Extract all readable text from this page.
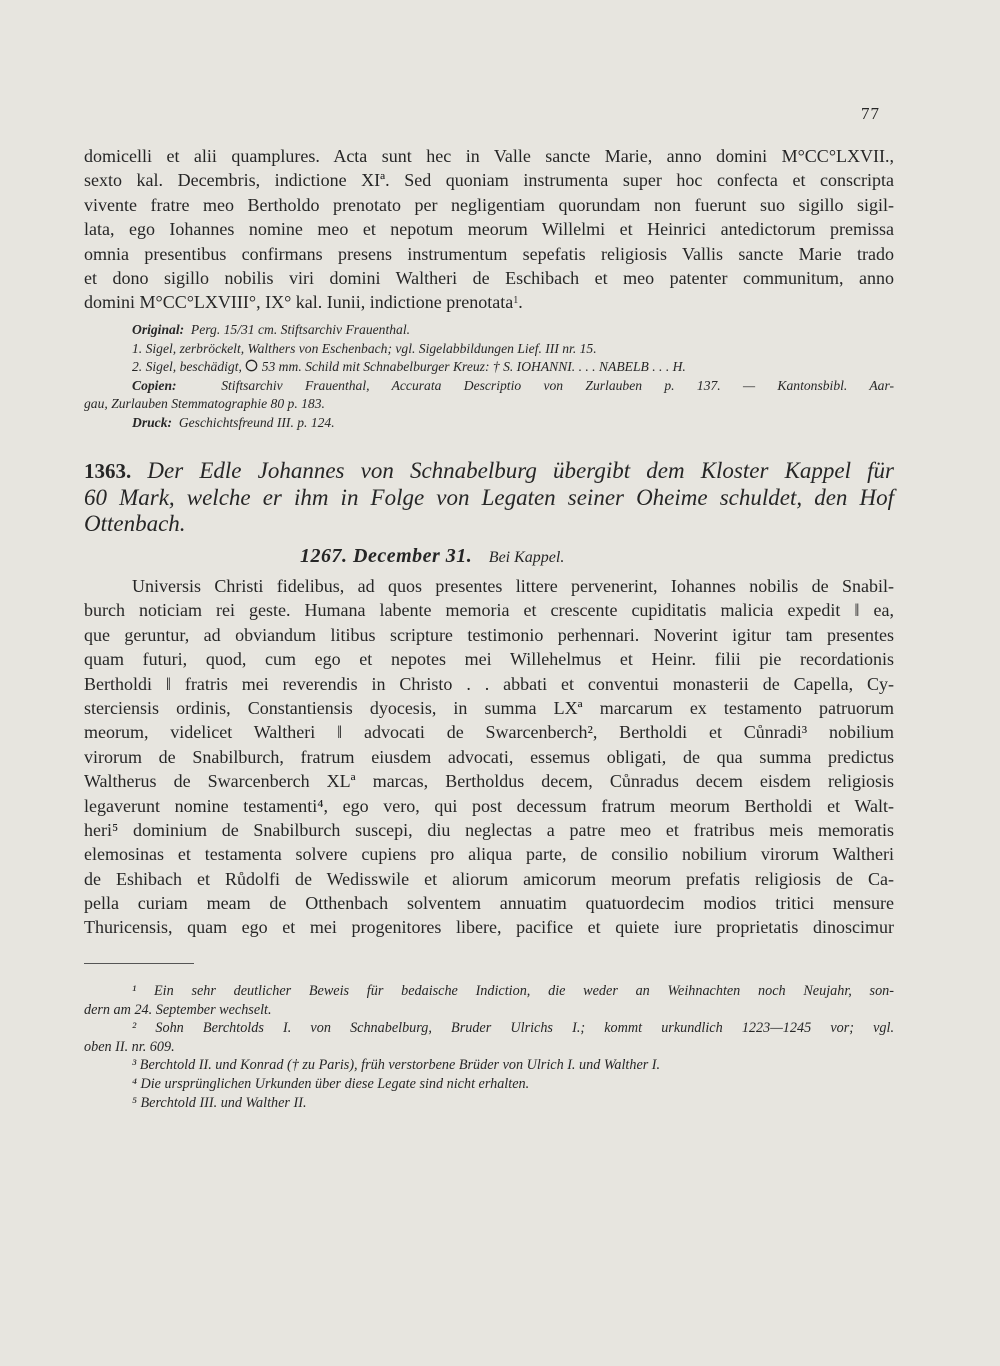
77
domicelli et alii quamplures. Acta sunt hec in Valle sancte Marie, anno domini M°CC°LXVII.,
sexto kal. Decembris, indictione XIª. Sed quoniam instrumenta super hoc confecta et conscripta
vivente fratre meo Bertholdo prenotato per negligentiam quorundam non fuerunt suo sigillo sigil-
lata, ego Iohannes nomine meo et nepotum meorum Willelmi et Heinrici antedictorum premissa
omnia presentibus confirmans presens instrumentum sepefatis religiosis Vallis sancte Marie trado
et dono sigillo nobilis viri domini Waltheri de Eschibach et meo patenter communitum, anno
domini M°CC°LXVIII°, IX° kal. Iunii, indictione prenotata$^1$.
Original: Perg. 15/31 cm. Stiftsarchiv Frauenthal.
1. Sigel, zerbröckelt, Walthers von Eschenbach; vgl. Sigelabbildungen Lief. III nr. 15.
2. Sigel, beschädigt, 53 mm. Schild mit Schnabelburger Kreuz: † S. IOHANNI. . . . NABELB . . . H.
Copien:	Stiftsarchiv Frauenthal, Accurata Descriptio von Zurlauben p. 137. — Kantonsbibl. Aar-
gau, Zurlauben Stemmatographie 80 p. 183.
Druck: Geschichtsfreund III. p. 124.
1363. Der Edle Johannes von Schnabelburg übergibt dem Kloster Kappel für
60 Mark, welche er ihm in Folge von Legaten seiner Oheime schuldet, den Hof
Ottenbach.
1267. December 31. Bei Kappel.
Universis Christi fidelibus, ad quos presentes littere pervenerint, Iohannes nobilis de Snabil-
burch noticiam rei geste. Humana labente memoria et crescente cupiditatis malicia expedit ‖ ea,
que geruntur, ad obviandum litibus scripture testimonio perhennari. Noverint igitur tam presentes
quam futuri, quod, cum ego et nepotes mei Willehelmus et Heinr. filii pie recordationis
Bertholdi ‖ fratris mei reverendis in Christo . . abbati et conventui monasterii de Capella, Cy-
sterciensis ordinis, Constantiensis dyocesis, in summa LXª marcarum ex testamento patruorum
meorum, videlicet Waltheri ‖ advocati de Swarcenberch², Bertholdi et Cůnradi³ nobilium
virorum de Snabilburch, fratrum eiusdem advocati, essemus obligati, de qua summa predictus
Waltherus de Swarcenberch XLª marcas, Bertholdus decem, Cůnradus decem eisdem religiosis
legaverunt nomine testamenti⁴, ego vero, qui post decessum fratrum meorum Bertholdi et Walt-
heri⁵ dominium de Snabilburch suscepi, diu neglectas a patre meo et fratribus meis memoratis
elemosinas et testamenta solvere cupiens pro aliqua parte, de consilio nobilium virorum Waltheri
de Eshibach et Růdolfi de Wedisswile et aliorum amicorum meorum prefatis religiosis de Ca-
pella curiam meam de Otthenbach solventem annuatim quatuordecim modios tritici mensure
Thuricensis, quam ego et mei progenitores libere, pacifice et quiete iure proprietatis dinoscimur
¹ Ein sehr deutlicher Beweis für bedaische Indiction, die weder an Weihnachten noch Neujahr, son-
dern am 24. September wechselt.
² Sohn Berchtolds I. von Schnabelburg, Bruder Ulrichs I.; kommt urkundlich 1223—1245 vor; vgl.
oben II. nr. 609.
³ Berchtold II. und Konrad († zu Paris), früh verstorbene Brüder von Ulrich I. und Walther I.
⁴ Die ursprünglichen Urkunden über diese Legate sind nicht erhalten.
⁵ Berchtold III. und Walther II.
